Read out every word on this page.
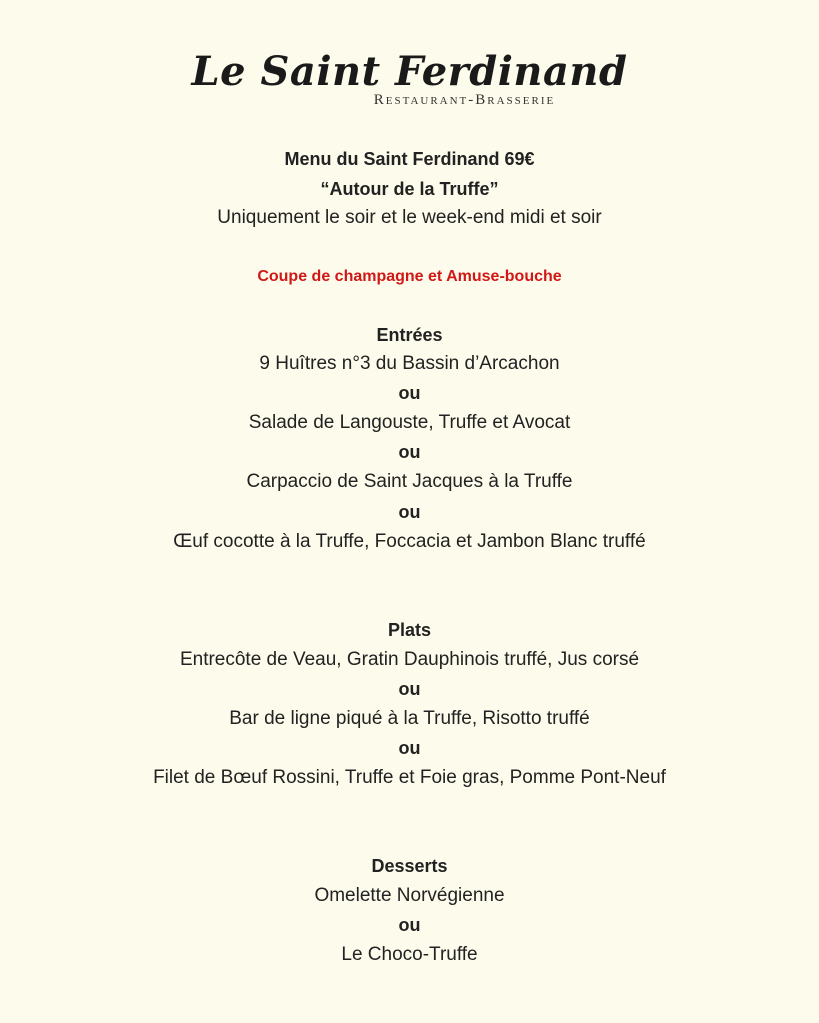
Le Saint Ferdinand
Restaurant-Brasserie
Menu du Saint Ferdinand 69€
“Autour de la Truffe”
Uniquement le soir et le week-end midi et soir
Coupe de champagne et Amuse-bouche
Entrées
9 Huîtres n°3 du Bassin d’Arcachon
ou
Salade de Langouste, Truffe et Avocat
ou
Carpaccio de Saint Jacques à la Truffe
ou
Œuf cocotte à la Truffe, Foccacia et Jambon Blanc truffé
Plats
Entrecôte de Veau, Gratin Dauphinois truffé, Jus corsé
ou
Bar de ligne piqué à la Truffe, Risotto truffé
ou
Filet de Bœuf Rossini, Truffe et Foie gras, Pomme Pont-Neuf
Desserts
Omelette Norvégienne
ou
Le Choco-Truffe
